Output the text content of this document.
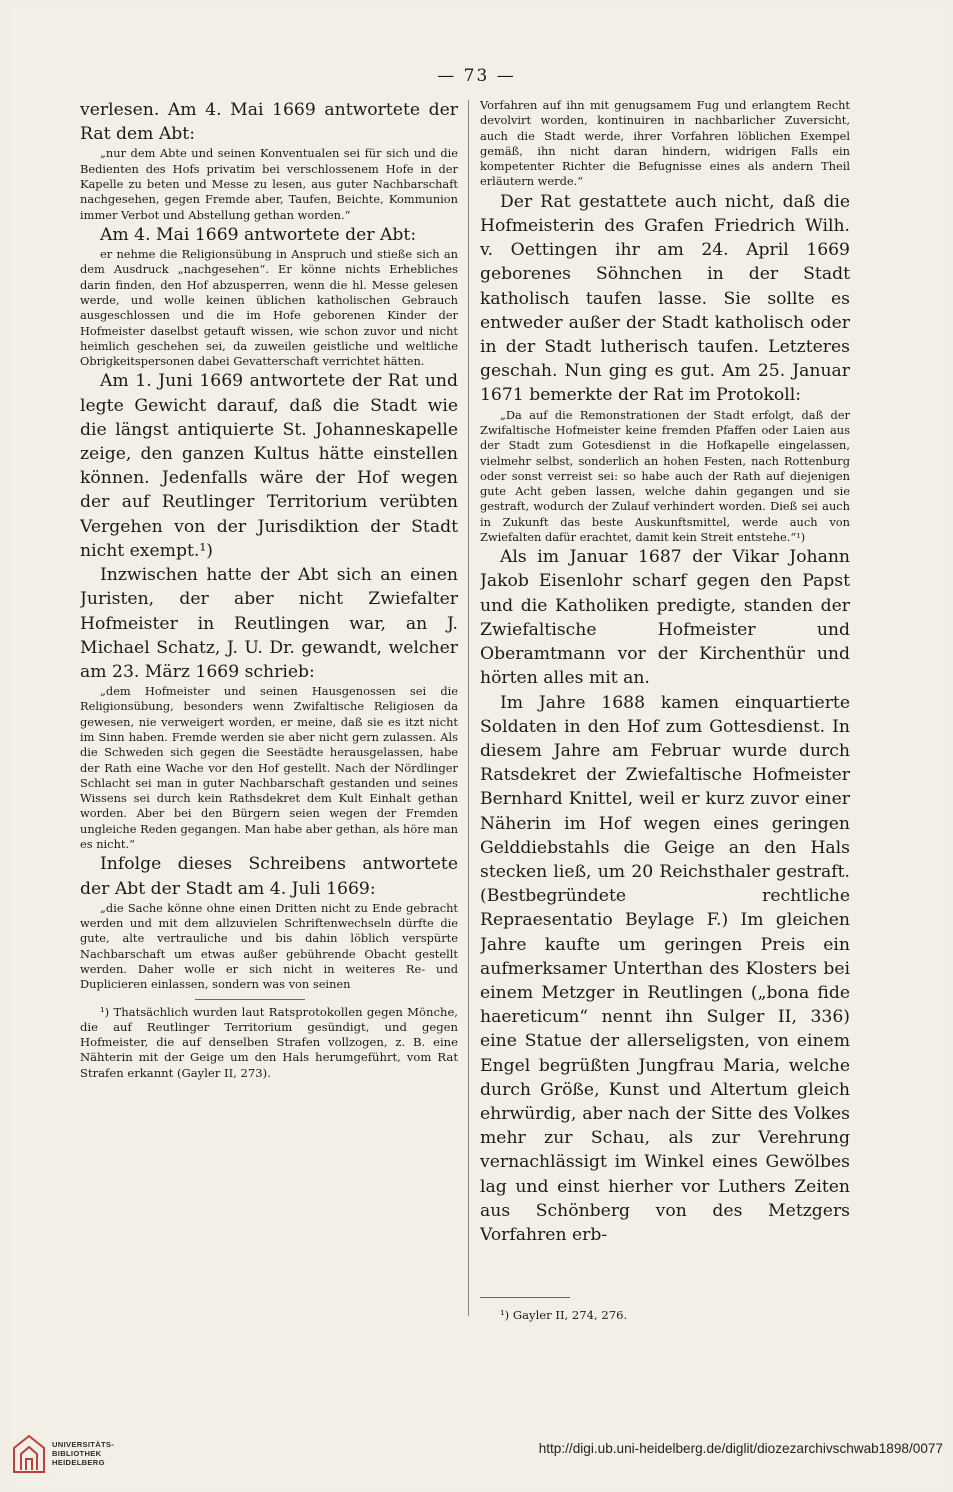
— 73 —

verlesen. Am 4. Mai 1669 antwortete der Rat dem Abt:

„nur dem Abte und seinen Konventualen sei für sich und die Bedienten des Hofs privatim bei verschlossenem Hofe in der Kapelle zu beten und Messe zu lesen, aus guter Nachbarschaft nachgesehen, gegen Fremde aber, Taufen, Beichte, Kommunion immer Verbot und Abstellung gethan worden.“

Am 4. Mai 1669 antwortete der Abt:

er nehme die Religionsübung in Anspruch und stieße sich an dem Ausdruck „nachgesehen“. Er könne nichts Erhebliches darin finden, den Hof abzusperren, wenn die hl. Messe gelesen werde, und wolle keinen üblichen katholischen Gebrauch ausgeschlossen und die im Hofe geborenen Kinder der Hofmeister daselbst getauft wissen, wie schon zuvor und nicht heimlich geschehen sei, da zuweilen geistliche und weltliche Obrigkeitspersonen dabei Gevatterschaft verrichtet hätten.

Am 1. Juni 1669 antwortete der Rat und legte Gewicht darauf, daß die Stadt wie die längst antiquierte St. Johanneskapelle zeige, den ganzen Kultus hätte einstellen können. Jedenfalls wäre der Hof wegen der auf Reutlinger Territorium verübten Vergehen von der Jurisdiktion der Stadt nicht exempt.¹)

Inzwischen hatte der Abt sich an einen Juristen, der aber nicht Zwiefalter Hofmeister in Reutlingen war, an J. Michael Schatz, J. U. Dr. gewandt, welcher am 23. März 1669 schrieb:

„dem Hofmeister und seinen Hausgenossen sei die Religionsübung, besonders wenn Zwifaltische Religiosen da gewesen, nie verweigert worden, er meine, daß sie es itzt nicht im Sinn haben. Fremde werden sie aber nicht gern zulassen. Als die Schweden sich gegen die Seestädte herausgelassen, habe der Rath eine Wache vor den Hof gestellt. Nach der Nördlinger Schlacht sei man in guter Nachbarschaft gestanden und seines Wissens sei durch kein Rathsdekret dem Kult Einhalt gethan worden. Aber bei den Bürgern seien wegen der Fremden ungleiche Reden gegangen. Man habe aber gethan, als höre man es nicht.“

Infolge dieses Schreibens antwortete der Abt der Stadt am 4. Juli 1669:

„die Sache könne ohne einen Dritten nicht zu Ende gebracht werden und mit dem allzuvielen Schriftenwechseln dürfte die gute, alte vertrauliche und bis dahin löblich verspürte Nachbarschaft um etwas außer gebührende Obacht gestellt werden. Daher wolle er sich nicht in weiteres Re- und Duplicieren einlassen, sondern was von seinen

¹) Thatsächlich wurden laut Ratsprotokollen gegen Mönche, die auf Reutlinger Territorium gesündigt, und gegen Hofmeister, die auf denselben Strafen vollzogen, z. B. eine Nähterin mit der Geige um den Hals herumgeführt, vom Rat Strafen erkannt (Gayler II, 273).

Vorfahren auf ihn mit genugsamem Fug und erlangtem Recht devolvirt worden, kontinuiren in nachbarlicher Zuversicht, auch die Stadt werde, ihrer Vorfahren löblichen Exempel gemäß, ihn nicht daran hindern, widrigen Falls ein kompetenter Richter die Befugnisse eines als andern Theil erläutern werde.“

Der Rat gestattete auch nicht, daß die Hofmeisterin des Grafen Friedrich Wilh. v. Oettingen ihr am 24. April 1669 geborenes Söhnchen in der Stadt katholisch taufen lasse. Sie sollte es entweder außer der Stadt katholisch oder in der Stadt lutherisch taufen. Letzteres geschah. Nun ging es gut. Am 25. Januar 1671 bemerkte der Rat im Protokoll:

„Da auf die Remonstrationen der Stadt erfolgt, daß der Zwifaltische Hofmeister keine fremden Pfaffen oder Laien aus der Stadt zum Gotesdienst in die Hofkapelle eingelassen, vielmehr selbst, sonderlich an hohen Festen, nach Rottenburg oder sonst verreist sei: so habe auch der Rath auf diejenigen gute Acht geben lassen, welche dahin gegangen und sie gestraft, wodurch der Zulauf verhindert worden. Dieß sei auch in Zukunft das beste Auskunftsmittel, werde auch von Zwiefalten dafür erachtet, damit kein Streit entstehe.“¹)

Als im Januar 1687 der Vikar Johann Jakob Eisenlohr scharf gegen den Papst und die Katholiken predigte, standen der Zwiefaltische Hofmeister und Oberamtmann vor der Kirchenthür und hörten alles mit an.

Im Jahre 1688 kamen einquartierte Soldaten in den Hof zum Gottesdienst. In diesem Jahre am Februar wurde durch Ratsdekret der Zwiefaltische Hofmeister Bernhard Knittel, weil er kurz zuvor einer Näherin im Hof wegen eines geringen Gelddiebstahls die Geige an den Hals stecken ließ, um 20 Reichsthaler gestraft. (Bestbegründete rechtliche Repraesentatio Beylage F.) Im gleichen Jahre kaufte um geringen Preis ein aufmerksamer Unterthan des Klosters bei einem Metzger in Reutlingen („bona fide haereticum“ nennt ihn Sulger II, 336) eine Statue der allerseligsten, von einem Engel begrüßten Jungfrau Maria, welche durch Größe, Kunst und Altertum gleich ehrwürdig, aber nach der Sitte des Volkes mehr zur Schau, als zur Verehrung vernachlässigt im Winkel eines Gewölbes lag und einst hierher vor Luthers Zeiten aus Schönberg von des Metzgers Vorfahren erb-

¹) Gayler II, 274, 276.

UNIVERSITÄTS-
BIBLIOTHEK
HEIDELBERG
http://digi.ub.uni-heidelberg.de/diglit/diozezarchivschwab1898/0077
